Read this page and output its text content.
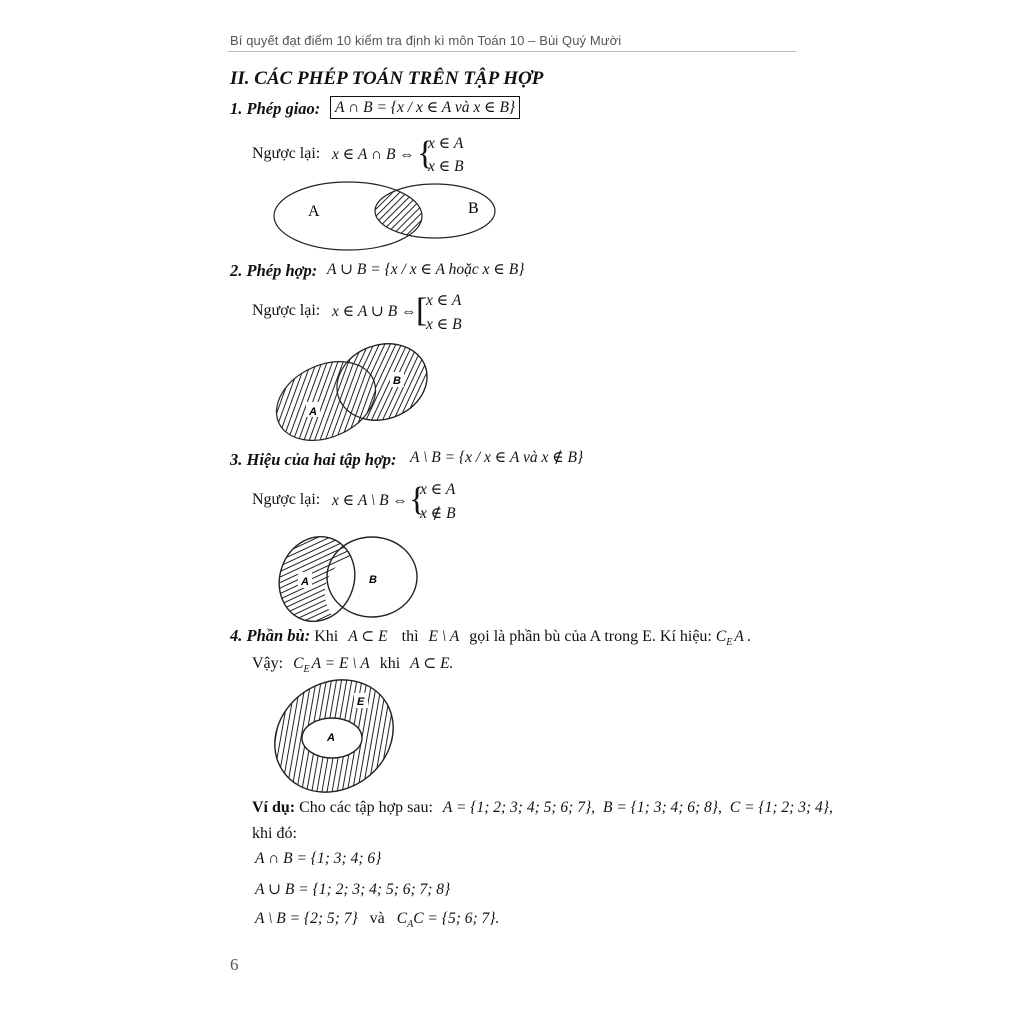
Bí quyết đạt điểm 10 kiểm tra định kì môn Toán 10 – Bùi Quý Mười
II. CÁC PHÉP TOÁN TRÊN TẬP HỢP
1. Phép giao: A ∩ B = {x / x ∈ A và x ∈ B}
Ngược lại: x ∈ A ∩ B ⇔ {
x ∈ A
x ∈ B
A	B
2. Phép hợp: A ∪ B = {x / x ∈ A hoặc x ∈ B}
Ngược lại: x ∈ A ∪ B ⇔ [
x ∈ A
x ∈ B
A
B
3. Hiệu của hai tập hợp: A \ B = {x / x ∈ A và x ∉ B}
Ngược lại: x ∈ A \ B ⇔ {
x ∈ A
x ∉ B
A	B
4. Phần bù: Khi A ⊂ E thì E \ A gọi là phần bù của A trong E. Kí hiệu: $C_E$ A .
Vậy: $C_E$ A = E \ A khi A ⊂ E.
A
E
Ví dụ: Cho các tập hợp sau: A = {1; 2; 3; 4; 5; 6; 7}, B = {1; 3; 4; 6; 8}, C = {1; 2; 3; 4},
khi đó:
A ∩ B = {1; 3; 4; 6}
A ∪ B = {1; 2; 3; 4; 5; 6; 7; 8}
A \ B = {2; 5; 7} và $C_AC = \{5$; 6; 7}.
6
